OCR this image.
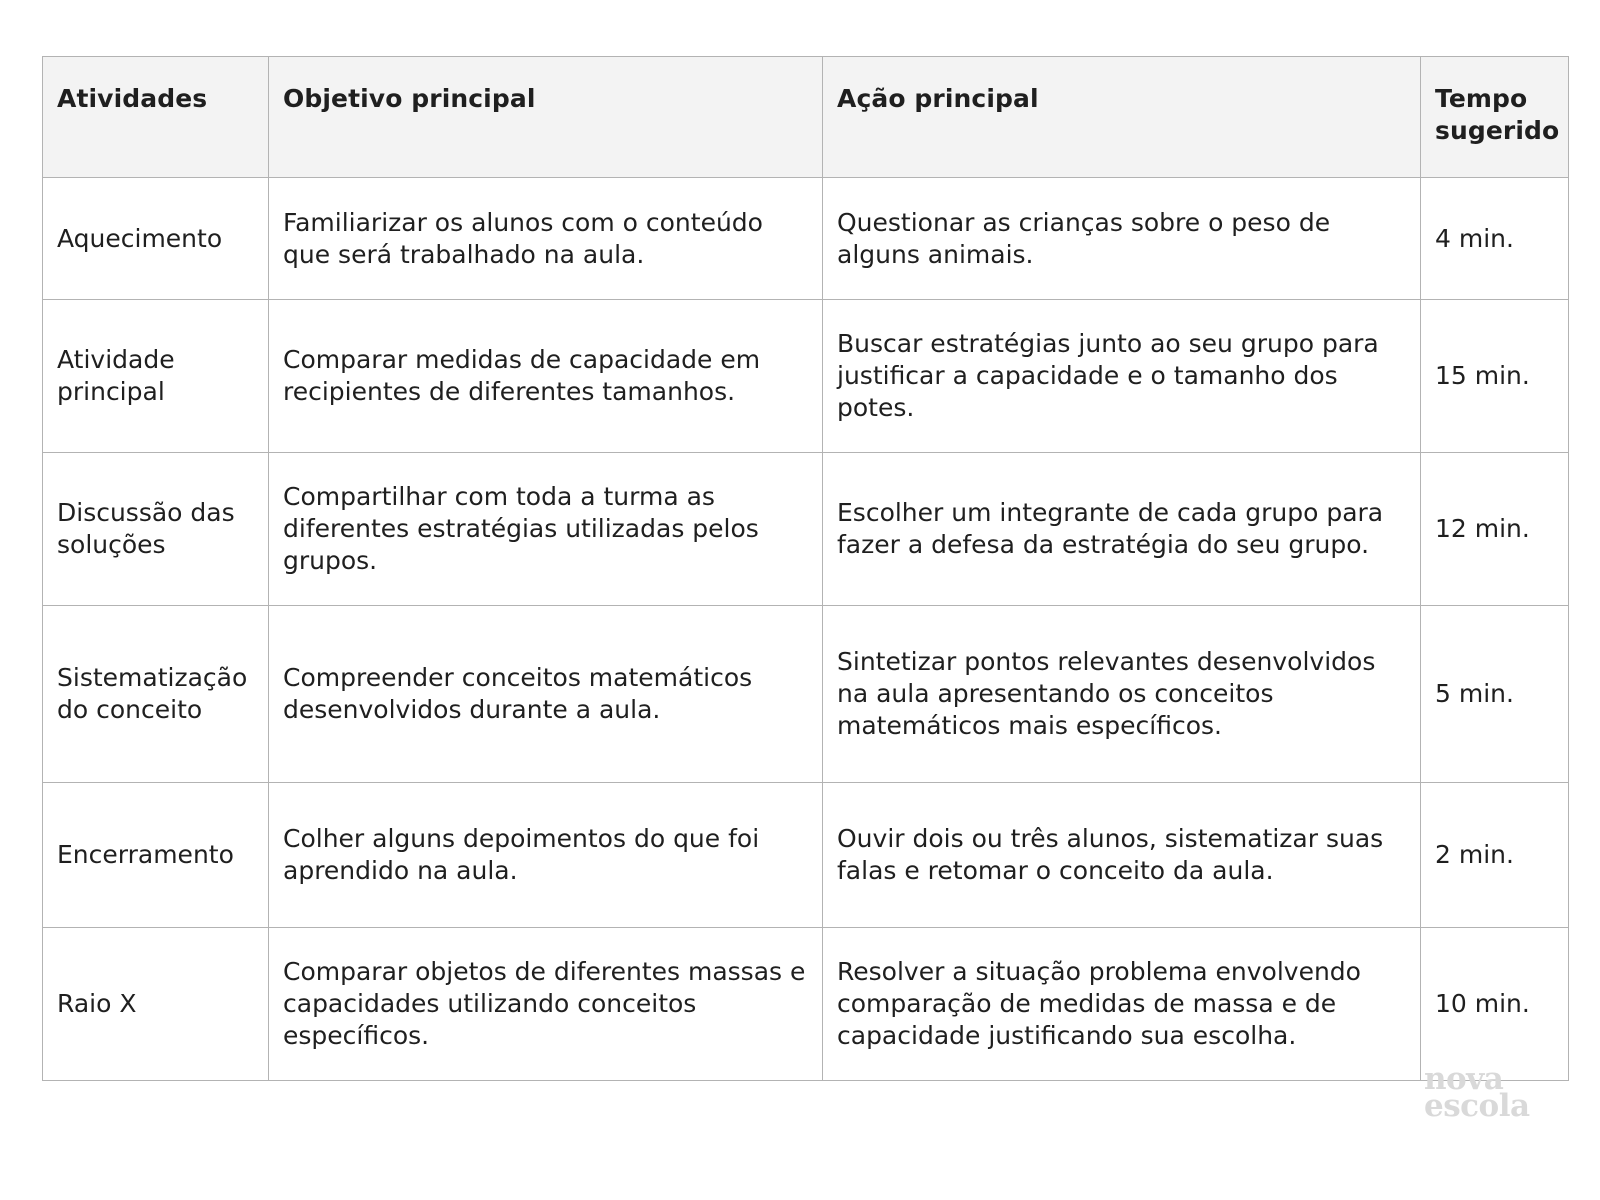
Atividades	Objetivo principal	Ação principal	Tempo sugerido
Aquecimento	Familiarizar os alunos com o conteúdo que será trabalhado na aula.	Questionar as crianças sobre o peso de alguns animais.	4 min.
Atividade principal	Comparar medidas de capacidade em recipientes de diferentes tamanhos.	Buscar estratégias junto ao seu grupo para justificar a capacidade e o tamanho dos potes.	15 min.
Discussão das soluções	Compartilhar com toda a turma as diferentes estratégias utilizadas pelos grupos.	Escolher um integrante de cada grupo para fazer a defesa da estratégia do seu grupo.	12 min.
Sistematização do conceito	Compreender conceitos matemáticos desenvolvidos durante a aula.	Sintetizar pontos relevantes desenvolvidos na aula apresentando os conceitos matemáticos mais específicos.	5 min.
Encerramento	Colher alguns depoimentos do que foi aprendido na aula.	Ouvir dois ou três alunos, sistematizar suas falas e retomar o conceito da aula.	2 min.
Raio X	Comparar objetos de diferentes massas e capacidades utilizando conceitos específicos.	Resolver a situação problema envolvendo comparação de medidas de massa e de capacidade justificando sua escolha.	10 min.
nova
escola
